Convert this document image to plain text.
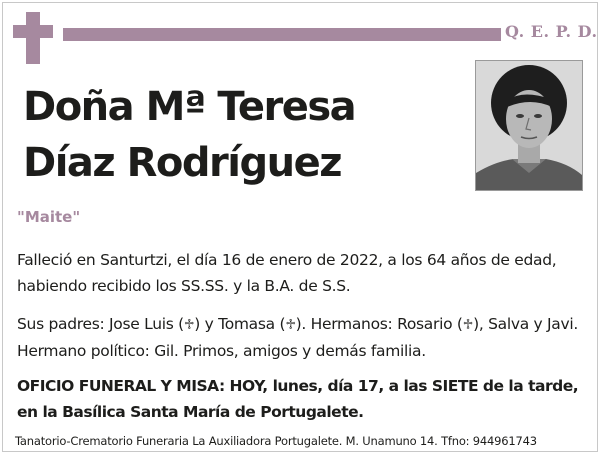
Q. E. P. D.
Doña Mª Teresa
Díaz Rodríguez
"Maite"
Falleció en Santurtzi, el día 16 de enero de 2022, a los 64 años de edad, habiendo recibido los SS.SS. y la B.A. de S.S.
Sus padres: Jose Luis (♱) y Tomasa (♱). Hermanos: Rosario (♱), Salva y Javi. Hermano político: Gil. Primos, amigos y demás familia.
OFICIO FUNERAL Y MISA: HOY, lunes, día 17, a las SIETE de la tarde, en la Basílica Santa María de Portugalete.
Tanatorio-Crematorio Funeraria La Auxiliadora Portugalete. M. Unamuno 14. Tfno: 944961743
